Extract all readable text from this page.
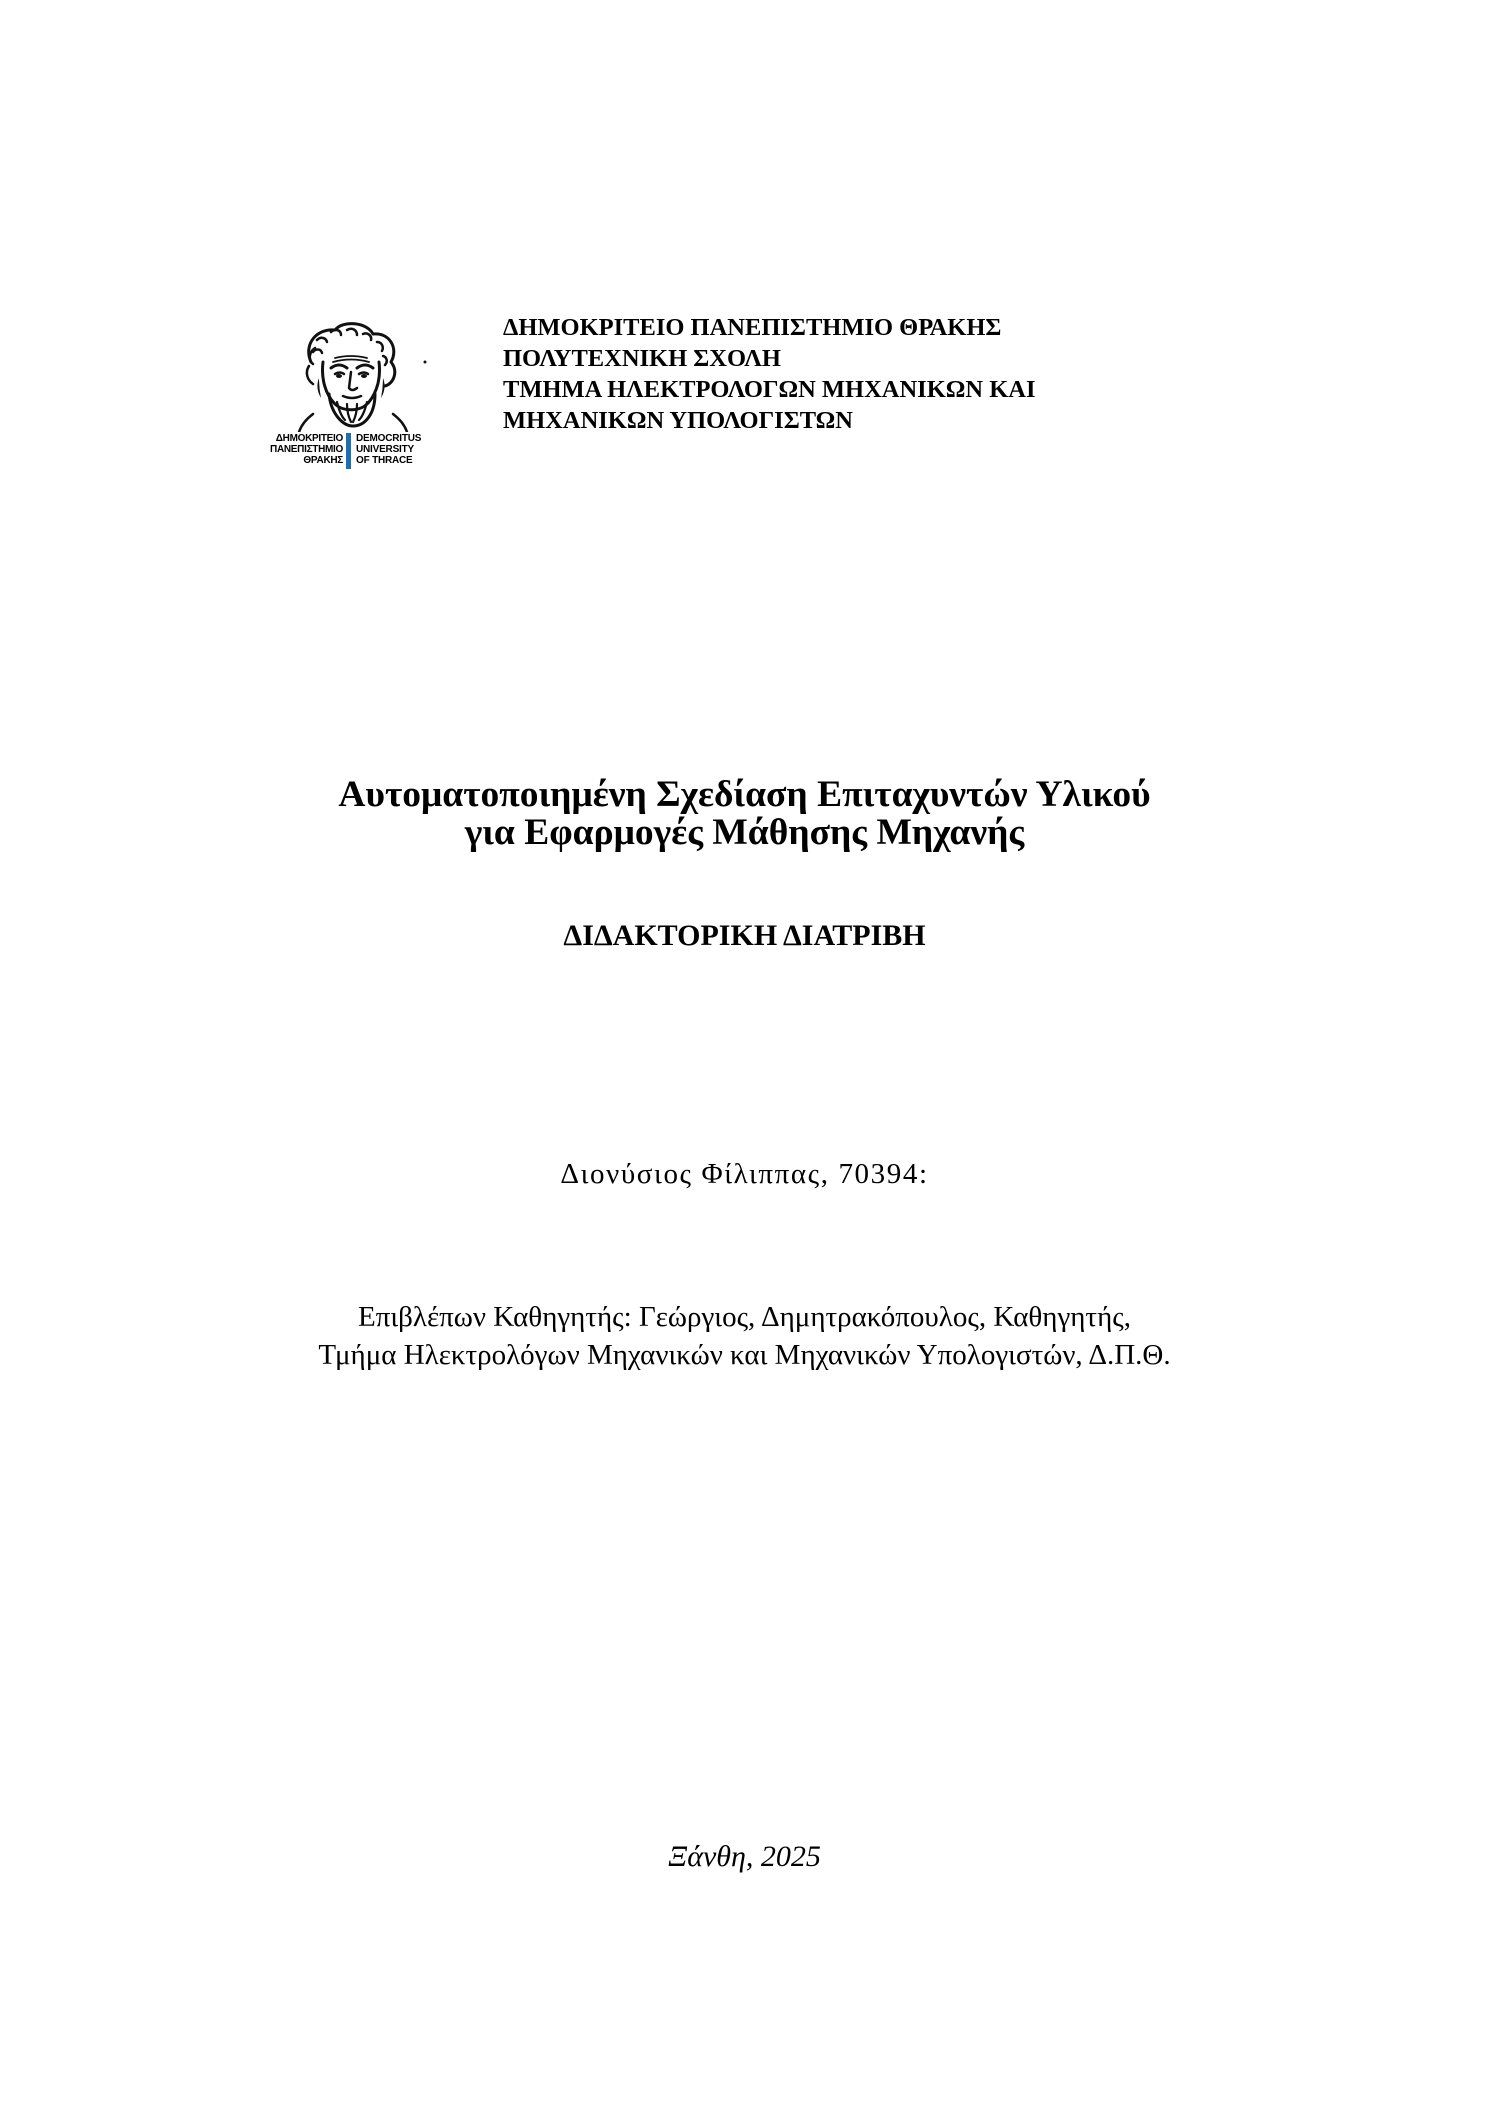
ΔΗΜΟΚΡΙΤΕΙΟ
ΠΑΝΕΠΙΣΤΗΜΙΟ
ΘΡΑΚΗΣ
DEMOCRITUS
UNIVERSITY
OF THRACE
ΔΗΜΟΚΡΙΤΕΙΟ ΠΑΝΕΠΙΣΤΗΜΙΟ ΘΡΑΚΗΣ
ΠΟΛΥΤΕΧΝΙΚΗ ΣΧΟΛΗ
ΤΜΗΜΑ ΗΛΕΚΤΡΟΛΟΓΩΝ ΜΗΧΑΝΙΚΩΝ ΚΑΙ
ΜΗΧΑΝΙΚΩΝ ΥΠΟΛΟΓΙΣΤΩΝ
Αυτοματοποιημένη Σχεδίαση Επιταχυντών Υλικού
για Εφαρμογές Μάθησης Μηχανής
ΔΙΔΑΚΤΟΡΙΚΗ ΔΙΑΤΡΙΒΗ
Διονύσιος Φίλιππας, 70394:
Επιβλέπων Καθηγητής: Γεώργιος, Δημητρακόπουλος, Καθηγητής,
Τμήμα Ηλεκτρολόγων Μηχανικών και Μηχανικών Υπολογιστών, Δ.Π.Θ.
Ξάνθη, 2025
